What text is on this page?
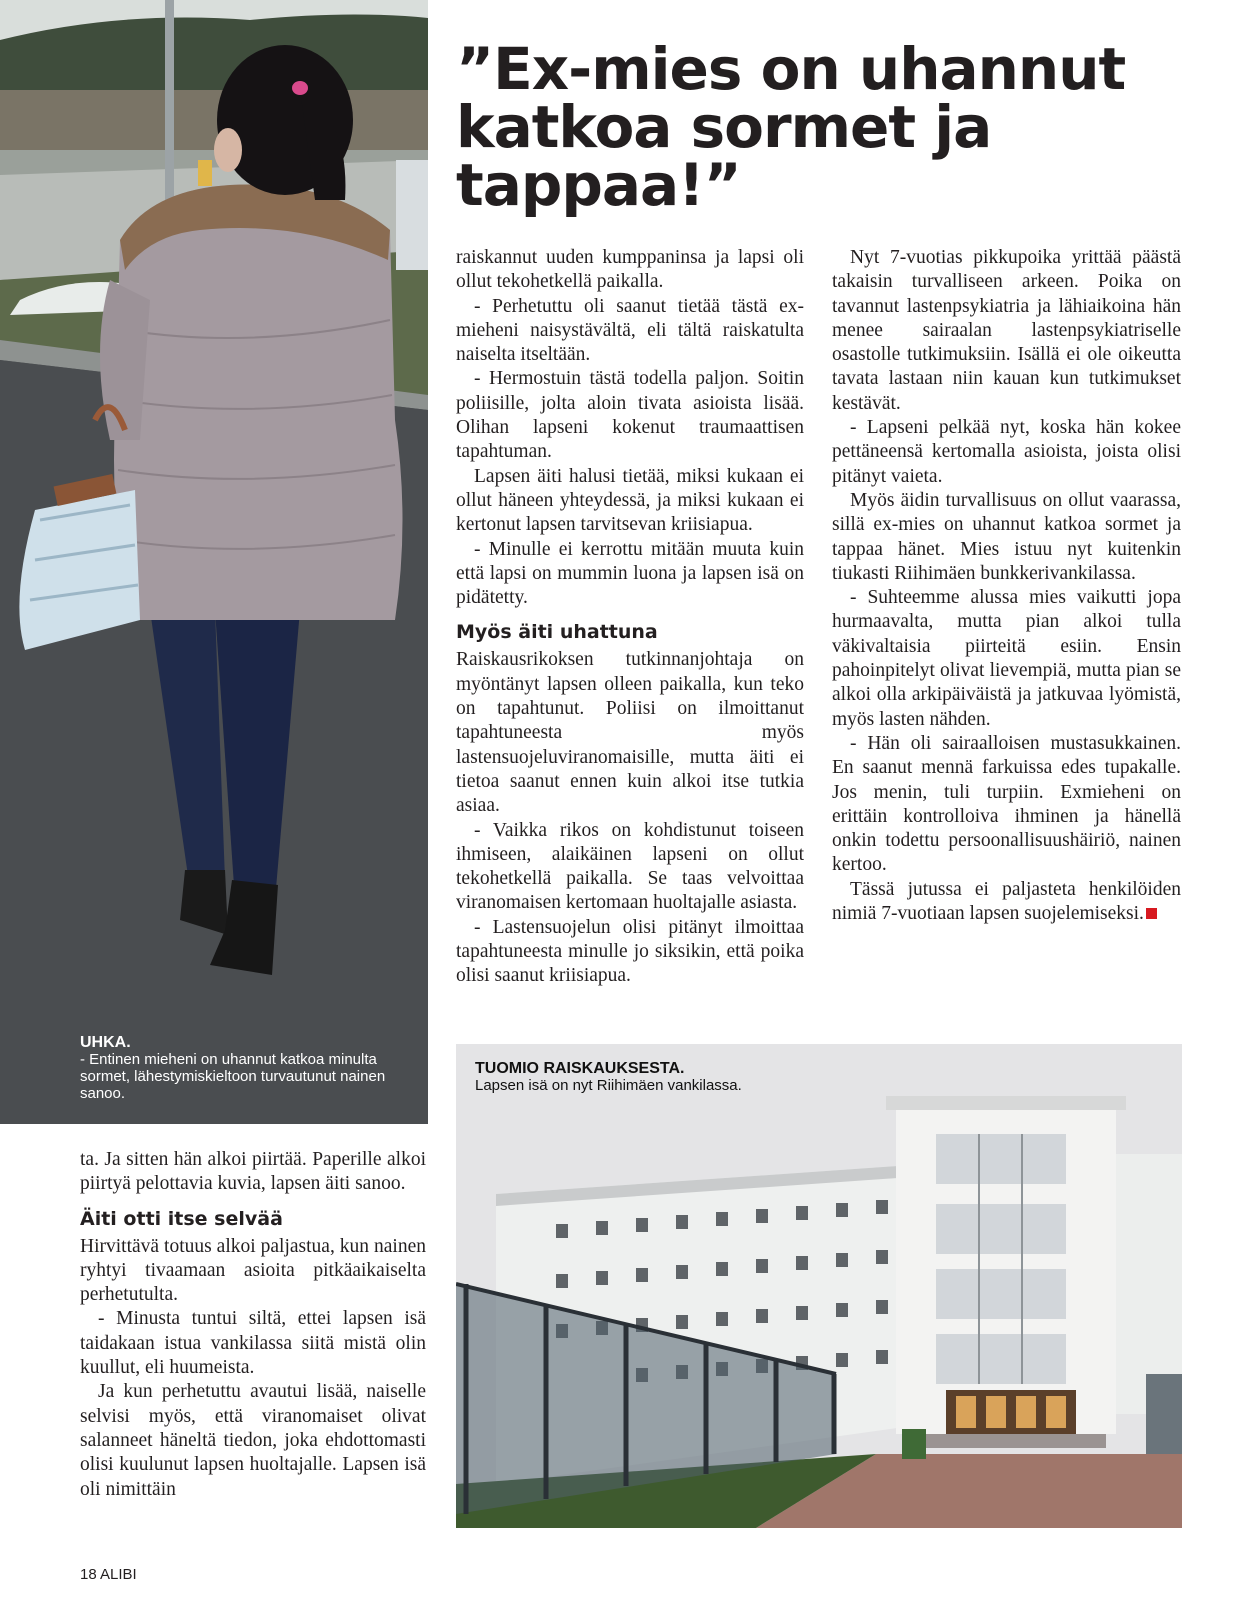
UHKA.
- Entinen mieheni on uhannut katkoa minulta sormet, lähestymiskieltoon turvautunut nainen sanoo.
”Ex-mies on uhannut katkoa sormet ja tappaa!”

ta. Ja sitten hän alkoi piirtää. Paperille alkoi piirtyä pelottavia kuvia, lapsen äiti sanoo.

Äiti otti itse selvää

Hirvittävä totuus alkoi paljastua, kun nainen ryhtyi tivaamaan asioita pitkäaikaiselta perhetutulta.

- Minusta tuntui siltä, ettei lapsen isä taidakaan istua vankilassa siitä mistä olin kuullut, eli huumeista.

Ja kun perhetuttu avautui lisää, naiselle selvisi myös, että viranomaiset olivat salanneet häneltä tiedon, joka ehdottomasti olisi kuulunut lapsen huoltajalle. Lapsen isä oli nimittäin

raiskannut uuden kumppaninsa ja lapsi oli ollut tekohetkellä paikalla.

- Perhetuttu oli saanut tietää tästä ex-mieheni naisystävältä, eli tältä raiskatulta naiselta itseltään.

- Hermostuin tästä todella paljon. Soitin poliisille, jolta aloin tivata asioista lisää. Olihan lapseni kokenut traumaattisen tapahtuman.

Lapsen äiti halusi tietää, miksi kukaan ei ollut häneen yhteydessä, ja miksi kukaan ei kertonut lapsen tarvitsevan kriisiapua.

- Minulle ei kerrottu mitään muuta kuin että lapsi on mummin luona ja lapsen isä on pidätetty.

Myös äiti uhattuna

Raiskausrikoksen tutkinnanjohtaja on myöntänyt lapsen olleen paikalla, kun teko on tapahtunut. Poliisi on ilmoittanut tapahtuneesta myös lastensuojeluviranomaisille, mutta äiti ei tietoa saanut ennen kuin alkoi itse tutkia asiaa.

- Vaikka rikos on kohdistunut toiseen ihmiseen, alaikäinen lapseni on ollut tekohetkellä paikalla. Se taas velvoittaa viranomaisen kertomaan huoltajalle asiasta.

- Lastensuojelun olisi pitänyt ilmoittaa tapahtuneesta minulle jo siksikin, että poika olisi saanut kriisiapua.

Nyt 7-vuotias pikkupoika yrittää päästä takaisin turvalliseen arkeen. Poika on tavannut lastenpsykiatria ja lähiaikoina hän menee sairaalan lastenpsykiatriselle osastolle tutkimuksiin. Isällä ei ole oikeutta tavata lastaan niin kauan kun tutkimukset kestävät.

- Lapseni pelkää nyt, koska hän kokee pettäneensä kertomalla asioista, joista olisi pitänyt vaieta.

Myös äidin turvallisuus on ollut vaarassa, sillä ex-mies on uhannut katkoa sormet ja tappaa hänet. Mies istuu nyt kuitenkin tiukasti Riihimäen bunkkerivankilassa.

- Suhteemme alussa mies vaikutti jopa hurmaavalta, mutta pian alkoi tulla väkivaltaisia piirteitä esiin. Ensin pahoinpitelyt olivat lievempiä, mutta pian se alkoi olla arkipäiväistä ja jatkuvaa lyömistä, myös lasten nähden.

- Hän oli sairaalloisen mustasukkainen. En saanut mennä farkuissa edes tupakalle. Jos menin, tuli turpiin. Exmieheni on erittäin kontrolloiva ihminen ja hänellä onkin todettu persoonallisuushäiriö, nainen kertoo.

Tässä jutussa ei paljasteta henkilöiden nimiä 7-vuotiaan lapsen suojelemiseksi.

TUOMIO RAISKAUKSESTA.
Lapsen isä on nyt Riihimäen vankilassa.
18 ALIBI
